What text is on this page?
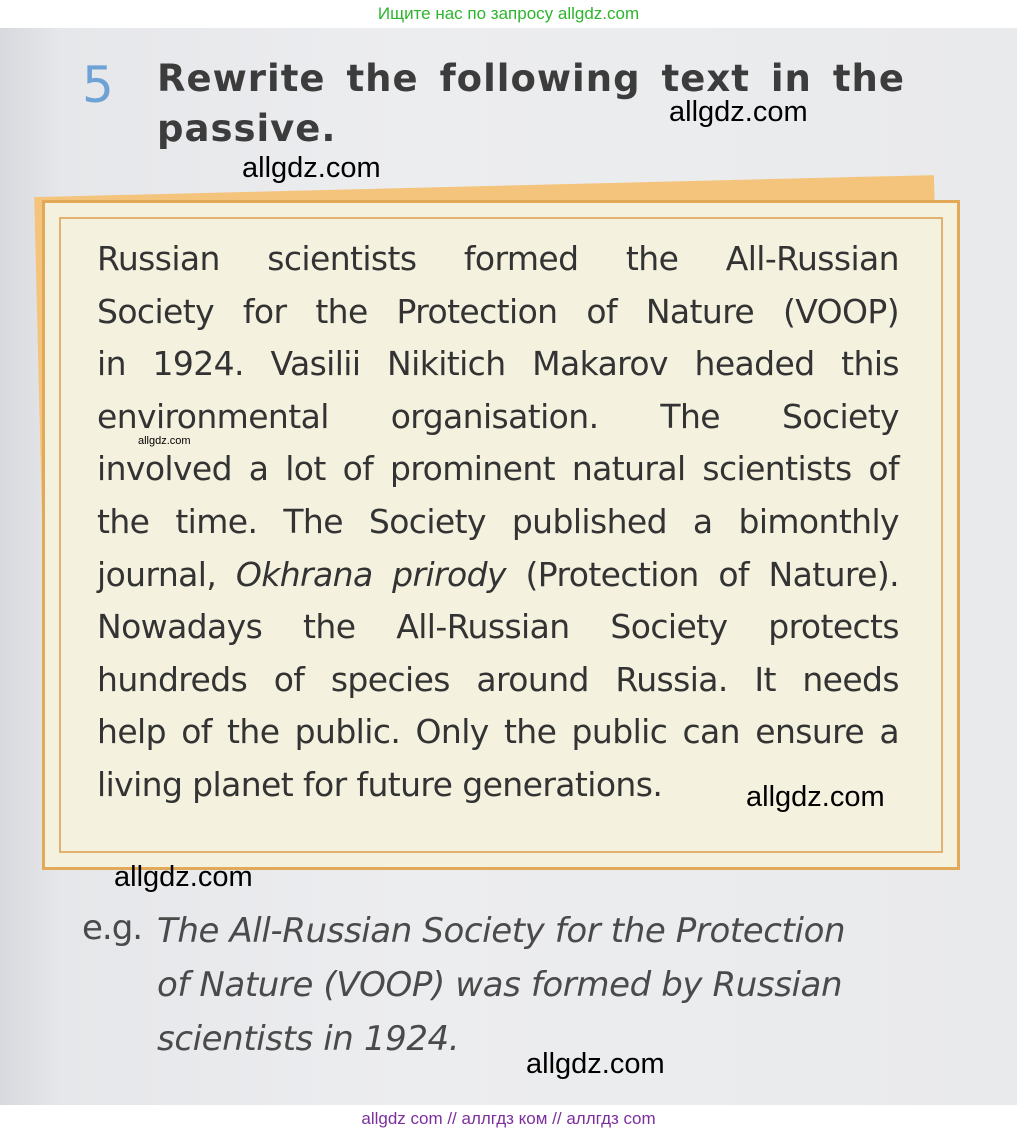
Ищите нас по запросу allgdz.com
5 Rewrite the following text in the passive.

Russian scientists formed the All-Russian
Society for the Protection of Nature (VOOP)
in 1924. Vasilii Nikitich Makarov headed this
environmental organisation. The Society
involved a lot of prominent natural scientists of
the time. The Society published a bimonthly
journal, Okhrana prirody (Protection of Nature).
Nowadays the All-Russian Society protects
hundreds of species around Russia. It needs
help of the public. Only the public can ensure a
living planet for future generations.

e.g. The All-Russian Society for the Protection
of Nature (VOOP) was formed by Russian
scientists in 1924.
allgdz.com
allgdz.com
allgdz.com
allgdz.com
allgdz.com
allgdz.com
allgdz com // аллгдз ком // аллгдз com
